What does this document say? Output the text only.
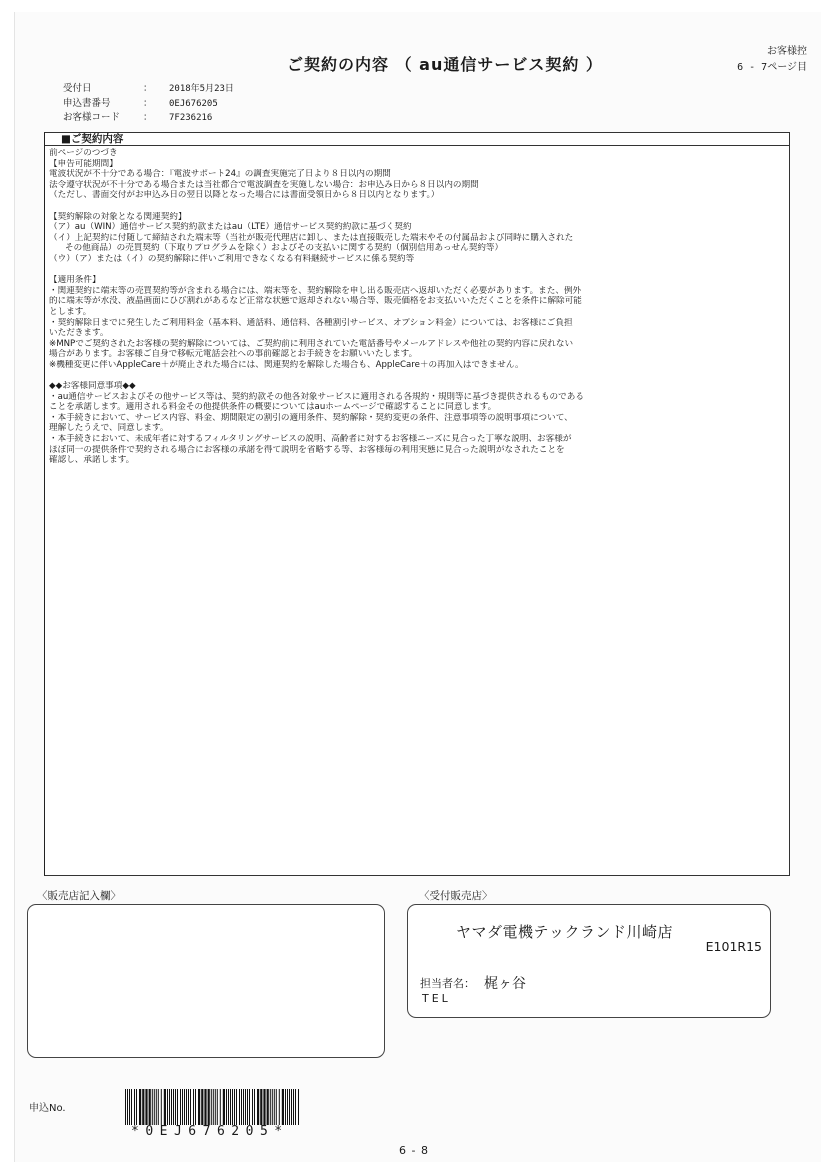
ご契約の内容 （ au通信サービス契約 ）
お客様控
6 - 7ページ目
受付日	：	2018年5月23日
申込書番号	：	0EJ676205
お客様コード	：	7F236216
■ご契約内容
前ページのつづき
【申告可能期間】
電波状況が不十分である場合：『電波サポート24』の調査実施完了日より８日以内の期間
法令遵守状況が不十分である場合または当社都合で電波調査を実施しない場合：お申込み日から８日以内の期間
（ただし、書面交付がお申込み日の翌日以降となった場合には書面受領日から８日以内となります。）
【契約解除の対象となる関連契約】
（ア）au（WIN）通信サービス契約約款またはau（LTE）通信サービス契約約款に基づく契約
（イ）上記契約に付随して締結された端末等（当社が販売代理店に卸し、または直接販売した端末やその付属品および同時に購入された
その他商品）の売買契約（下取りプログラムを除く）およびその支払いに関する契約（個別信用あっせん契約等）
（ウ）（ア）または（イ）の契約解除に伴いご利用できなくなる有料継続サービスに係る契約等
【適用条件】
・関連契約に端末等の売買契約等が含まれる場合には、端末等を、契約解除を申し出る販売店へ返却いただく必要があります。また、例外
的に端末等が水没、液晶画面にひび割れがあるなど正常な状態で返却されない場合等、販売価格をお支払いいただくことを条件に解除可能
とします。
・契約解除日までに発生したご利用料金（基本料、通話料、通信料、各種割引サービス、オプション料金）については、お客様にご負担
いただきます。
※MNPでご契約されたお客様の契約解除については、ご契約前に利用されていた電話番号やメールアドレスや他社の契約内容に戻れない
場合があります。お客様ご自身で移転元電話会社への事前確認とお手続きをお願いいたします。
※機種変更に伴いAppleCare＋が廃止された場合には、関連契約を解除した場合も、AppleCare＋の再加入はできません。
◆◆お客様同意事項◆◆
・au通信サービスおよびその他サービス等は、契約約款その他各対象サービスに適用される各規約・規則等に基づき提供されるものである
ことを承諾します。適用される料金その他提供条件の概要についてはauホームページで確認することに同意します。
・本手続きにおいて、サービス内容、料金、期間限定の割引の適用条件、契約解除・契約変更の条件、注意事項等の説明事項について、
理解したうえで、同意します。
・本手続きにおいて、未成年者に対するフィルタリングサービスの説明、高齢者に対するお客様ニーズに見合った丁寧な説明、お客様が
ほぼ同一の提供条件で契約される場合にお客様の承諾を得て説明を省略する等、お客様毎の利用実態に見合った説明がなされたことを
確認し、承諾します。
〈販売店記入欄〉	〈受付販売店〉
ヤマダ電機テックランド川崎店
E101R15
担当者名： 梶ヶ谷
TEL
申込No.
*0EJ676205*
6 - 8
